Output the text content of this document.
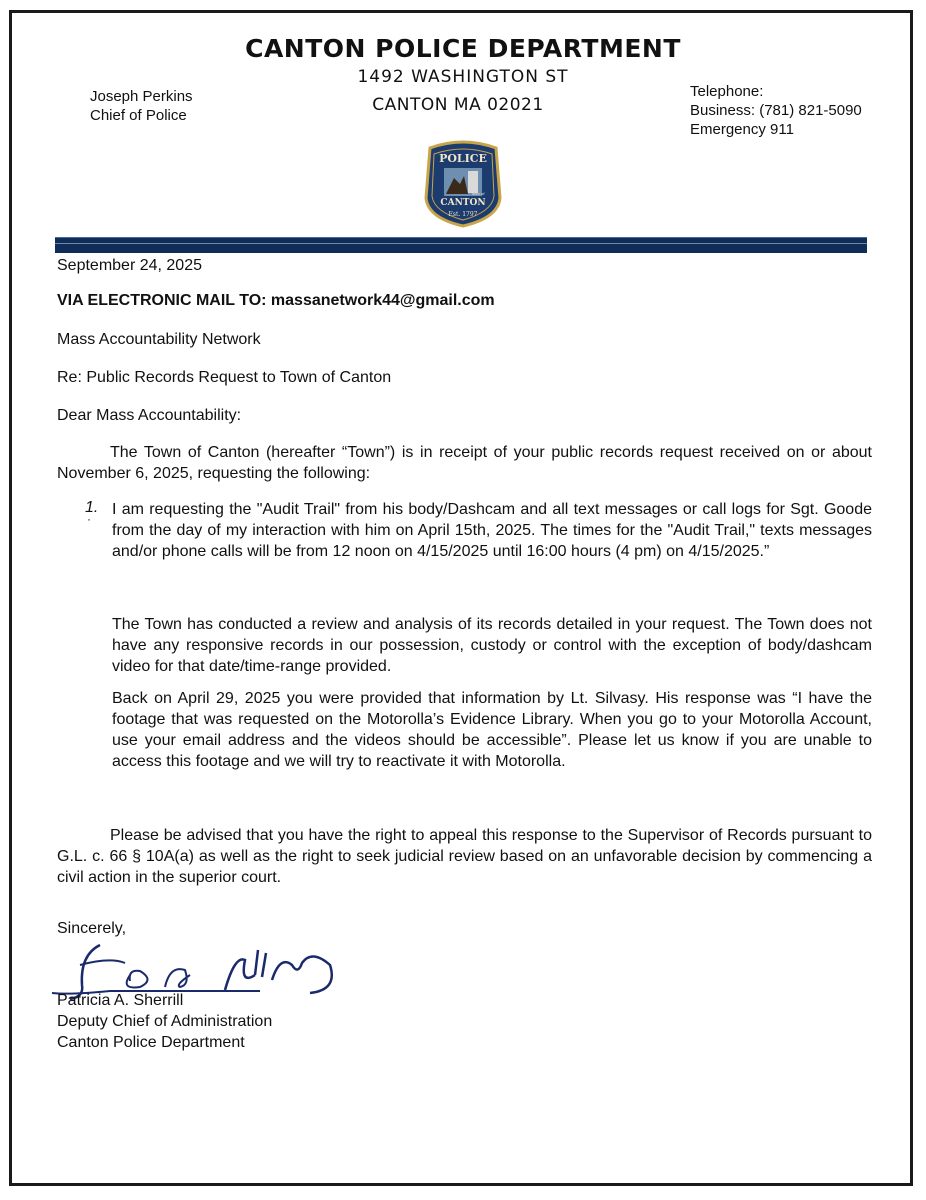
CANTON POLICE DEPARTMENT
1492 WASHINGTON ST
CANTON MA 02021
Joseph Perkins
Chief of Police
Telephone:
Business: (781) 821-5090
Emergency 911
POLICE
Town of
CANTON
Est. 1797
September 24, 2025
VIA ELECTRONIC MAIL TO: massanetwork44@gmail.com
Mass Accountability Network
Re: Public Records Request to Town of Canton
Dear Mass Accountability:
The Town of Canton (hereafter “Town”) is in receipt of your public records request received on or about November 6, 2025, requesting the following:
1.
·
I am requesting the "Audit Trail" from his body/Dashcam and all text messages or call logs for Sgt. Goode from the day of my interaction with him on April 15th, 2025. The times for the "Audit Trail," texts messages and/or phone calls will be from 12 noon on 4/15/2025 until 16:00 hours (4 pm) on 4/15/2025.”
The Town has conducted a review and analysis of its records detailed in your request. The Town does not have any responsive records in our possession, custody or control with the exception of body/dashcam video for that date/time-range provided.
Back on April 29, 2025 you were provided that information by Lt. Silvasy. His response was “I have the footage that was requested on the Motorolla’s Evidence Library. When you go to your Motorolla Account, use your email address and the videos should be accessible”. Please let us know if you are unable to access this footage and we will try to reactivate it with Motorolla.
Please be advised that you have the right to appeal this response to the Supervisor of Records pursuant to G.L. c. 66 § 10A(a) as well as the right to seek judicial review based on an unfavorable decision by commencing a civil action in the superior court.
Sincerely,
Patricia A. Sherrill
Deputy Chief of Administration
Canton Police Department
